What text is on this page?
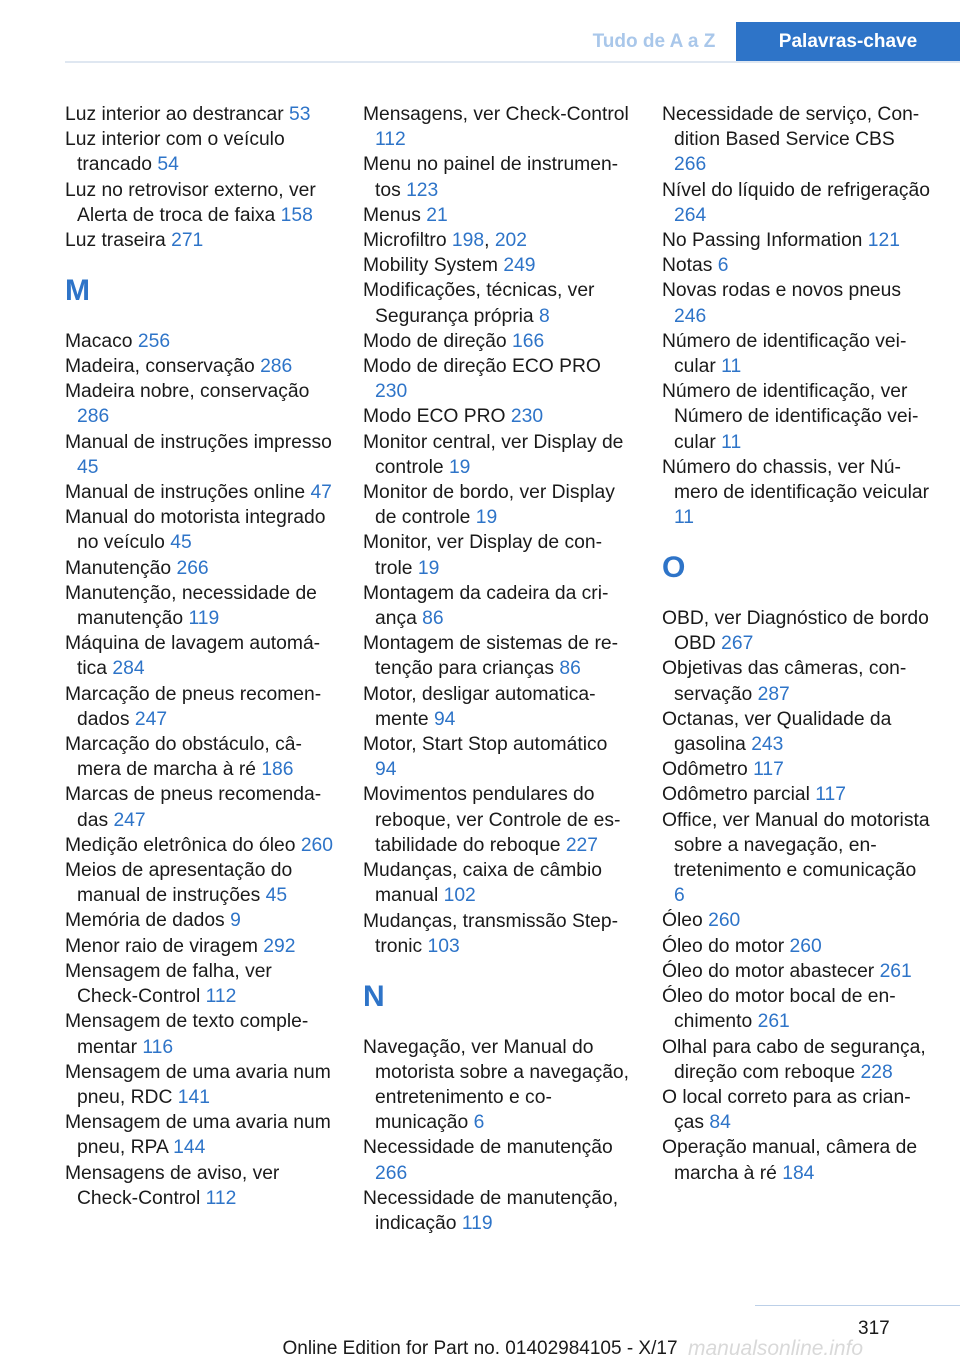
Tudo de A a Z	Palavras-chave
Luz interior ao destrancar 53
Luz interior com o veículo trancado 54
Luz no retrovisor externo, ver Alerta de troca de faixa 158
Luz traseira 271
M
Macaco 256
Madeira, conservação 286
Madeira nobre, conservação 286
Manual de instruções impresso 45
Manual de instruções online 47
Manual do motorista integrado no veículo 45
Manutenção 266
Manutenção, necessidade de manutenção 119
Máquina de lavagem automática 284
Marcação de pneus recomendados 247
Marcação do obstáculo, câmera de marcha à ré 186
Marcas de pneus recomendadas 247
Medição eletrônica do óleo 260
Meios de apresentação do manual de instruções 45
Memória de dados 9
Menor raio de viragem 292
Mensagem de falha, ver Check-Control 112
Mensagem de texto complementar 116
Mensagem de uma avaria num pneu, RDC 141
Mensagem de uma avaria num pneu, RPA 144
Mensagens de aviso, ver Check-Control 112
Mensagens, ver Check-Control 112
Menu no painel de instrumentos 123
Menus 21
Microfiltro 198, 202
Mobility System 249
Modificações, técnicas, ver Segurança própria 8
Modo de direção 166
Modo de direção ECO PRO 230
Modo ECO PRO 230
Monitor central, ver Display de controle 19
Monitor de bordo, ver Display de controle 19
Monitor, ver Display de controle 19
Montagem da cadeira da criança 86
Montagem de sistemas de retenção para crianças 86
Motor, desligar automaticamente 94
Motor, Start Stop automático 94
Movimentos pendulares do reboque, ver Controle de estabilidade do reboque 227
Mudanças, caixa de câmbio manual 102
Mudanças, transmissão Steptronic 103
N
Navegação, ver Manual do motorista sobre a navegação, entretenimento e comunicação 6
Necessidade de manutenção 266
Necessidade de manutenção, indicação 119
Necessidade de serviço, Condition Based Service CBS 266
Nível do líquido de refrigeração 264
No Passing Information 121
Notas 6
Novas rodas e novos pneus 246
Número de identificação veicular 11
Número de identificação, ver Número de identificação veicular 11
Número do chassis, ver Número de identificação veicular 11
O
OBD, ver Diagnóstico de bordo OBD 267
Objetivas das câmeras, conservação 287
Octanas, ver Qualidade da gasolina 243
Odômetro 117
Odômetro parcial 117
Office, ver Manual do motorista sobre a navegação, entretenimento e comunicação 6
Óleo 260
Óleo do motor 260
Óleo do motor abastecer 261
Óleo do motor bocal de enchimento 261
Olhal para cabo de segurança, direção com reboque 228
O local correto para as crianças 84
Operação manual, câmera de marcha à ré 184
317
Online Edition for Part no. 01402984105 - X/17 manualsonline.info
